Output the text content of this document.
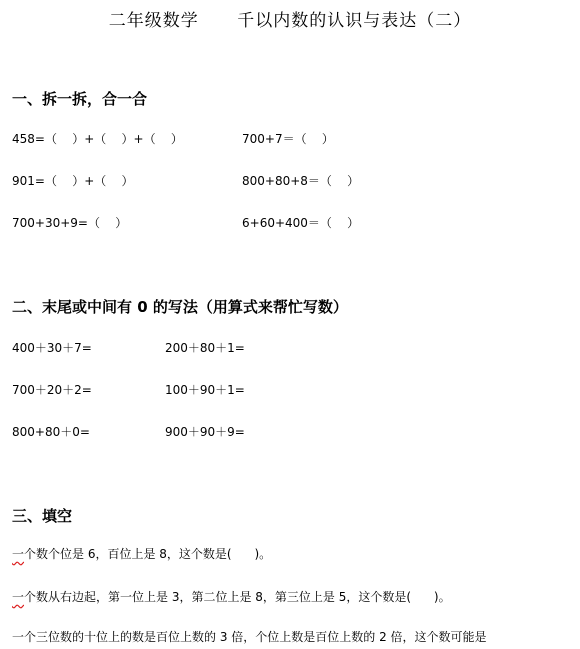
二年级数学      千以内数的认识与表达（二）
一、拆一拆，合一合
458=（    ）+（    ）+（    ）	700+7＝（    ）
901=（    ）+（    ）	800+80+8＝（    ）
700+30+9=（    ）	6+60+400＝（    ）
二、末尾或中间有 0 的写法（用算式来帮忙写数）
400＋30＋7=	200＋80＋1=
700＋20＋2=	100＋90＋1=
800+80＋0=	900＋90＋9=
三、填空
一个数个位是 6，百位上是 8，这个数是(      )。
一个数从右边起，第一位上是 3，第二位上是 8，第三位上是 5，这个数是(      )。
一个三位数的十位上的数是百位上数的 3 倍，个位上数是百位上数的 2 倍，这个数可能是
